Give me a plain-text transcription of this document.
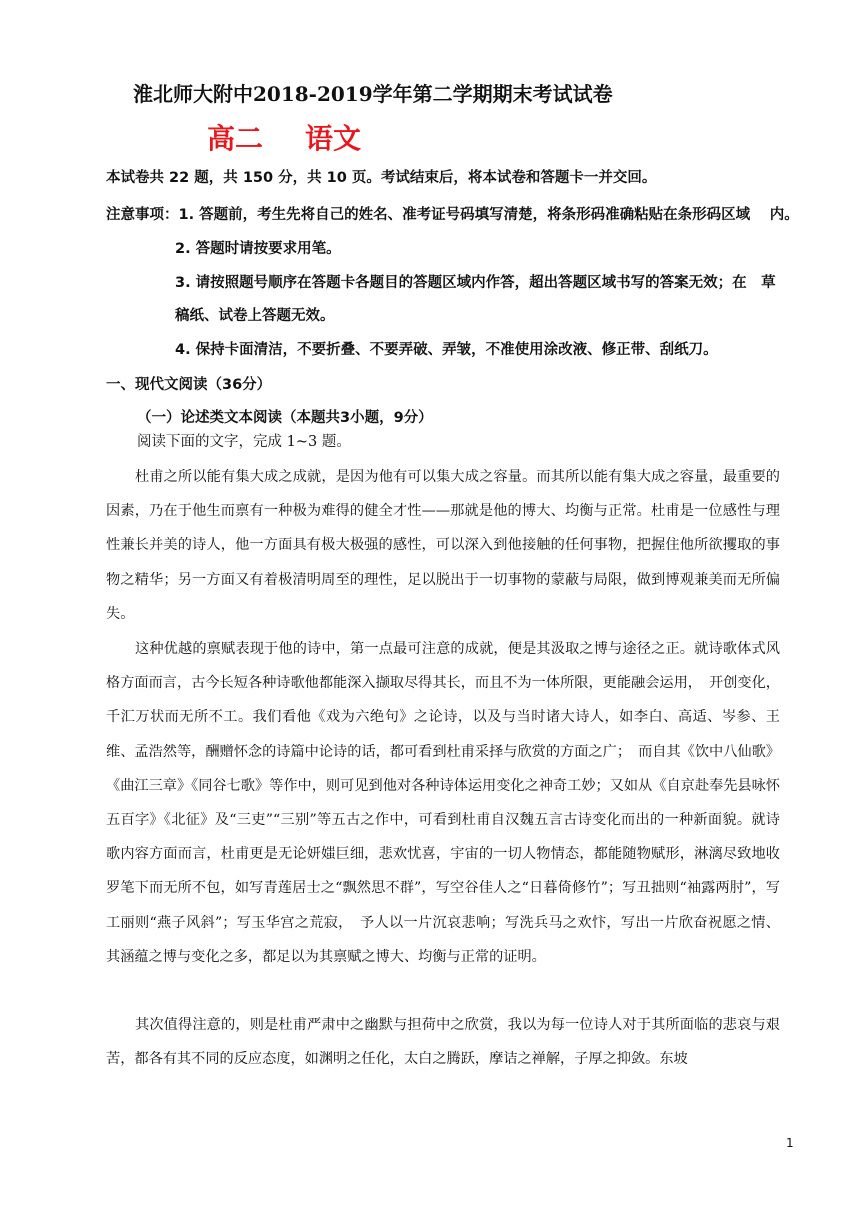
淮北师大附中2018-2019学年第二学期期末考试试卷
高二 语文
本试卷共 22 题，共 150 分，共 10 页。考试结束后，将本试卷和答题卡一并交回。
注意事项：1. 答题前，考生先将自己的姓名、准考证号码填写清楚，将条形码准确粘贴在条形码区域　 内。
2. 答题时请按要求用笔。
3. 请按照题号顺序在答题卡各题目的答题区域内作答，超出答题区域书写的答案无效；在　草
稿纸、试卷上答题无效。
4. 保持卡面清洁，不要折叠、不要弄破、弄皱，不准使用涂改液、修正带、刮纸刀。
一、现代文阅读（36分）
（一）论述类文本阅读（本题共3小题，9分）
阅读下面的文字，完成 1~3 题。

杜甫之所以能有集大成之成就，是因为他有可以集大成之容量。而其所以能有集大成之容量，最重要的因素，乃在于他生而禀有一种极为难得的健全才性——那就是他的博大、均衡与正常。杜甫是一位感性与理性兼长并美的诗人，他一方面具有极大极强的感性，可以深入到他接触的任何事物，把握住他所欲攫取的事物之精华；另一方面又有着极清明周至的理性，足以脱出于一切事物的蒙蔽与局限，做到博观兼美而无所偏失。

这种优越的禀赋表现于他的诗中，第一点最可注意的成就，便是其汲取之博与途径之正。就诗歌体式风格方面而言，古今长短各种诗歌他都能深入撷取尽得其长，而且不为一体所限，更能融会运用，　开创变化，千汇万状而无所不工。我们看他《戏为六绝句》之论诗，以及与当时诸大诗人，如李白、高适、岑参、王维、孟浩然等，酬赠怀念的诗篇中论诗的话，都可看到杜甫采择与欣赏的方面之广；　而自其《饮中八仙歌》《曲江三章》《同谷七歌》等作中，则可见到他对各种诗体运用变化之神奇工妙；又如从《自京赴奉先县咏怀五百字》《北征》及“三吏”“三别”等五古之作中，可看到杜甫自汉魏五言古诗变化而出的一种新面貌。就诗歌内容方面而言，杜甫更是无论妍媸巨细，悲欢忧喜，宇宙的一切人物情态，都能随物赋形，淋漓尽致地收罗笔下而无所不包，如写青莲居士之“飘然思不群”，写空谷佳人之“日暮倚修竹”；写丑拙则“袖露两肘”，写工丽则“燕子风斜”；写玉华宫之荒寂，　予人以一片沉哀悲响；写洗兵马之欢忭，写出一片欣奋祝愿之情、其涵蕴之博与变化之多，都足以为其禀赋之博大、均衡与正常的证明。

其次值得注意的，则是杜甫严肃中之幽默与担荷中之欣赏，我以为每一位诗人对于其所面临的悲哀与艰苦，都各有其不同的反应态度，如渊明之任化，太白之腾跃，摩诘之禅解，子厚之抑敛。东坡

1
